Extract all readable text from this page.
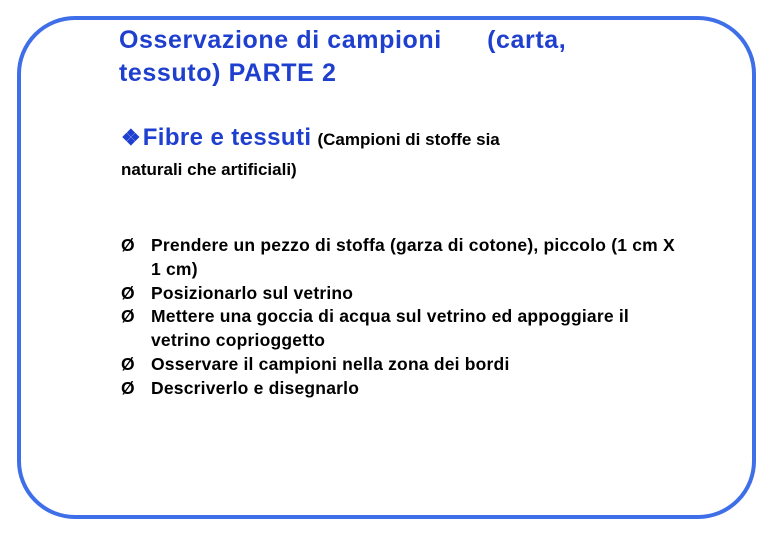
Osservazione di campioni      (carta,
tessuto) PARTE 2

❖Fibre e tessuti (Campioni di stoffe sia
naturali che artificiali)

Ø Prendere un pezzo di stoffa (garza di cotone), piccolo (1 cm X 1 cm)
Ø Posizionarlo sul vetrino
Ø Mettere una goccia di acqua sul vetrino ed appoggiare il vetrino coprioggetto
Ø Osservare il campioni nella zona dei bordi
Ø Descriverlo e disegnarlo
